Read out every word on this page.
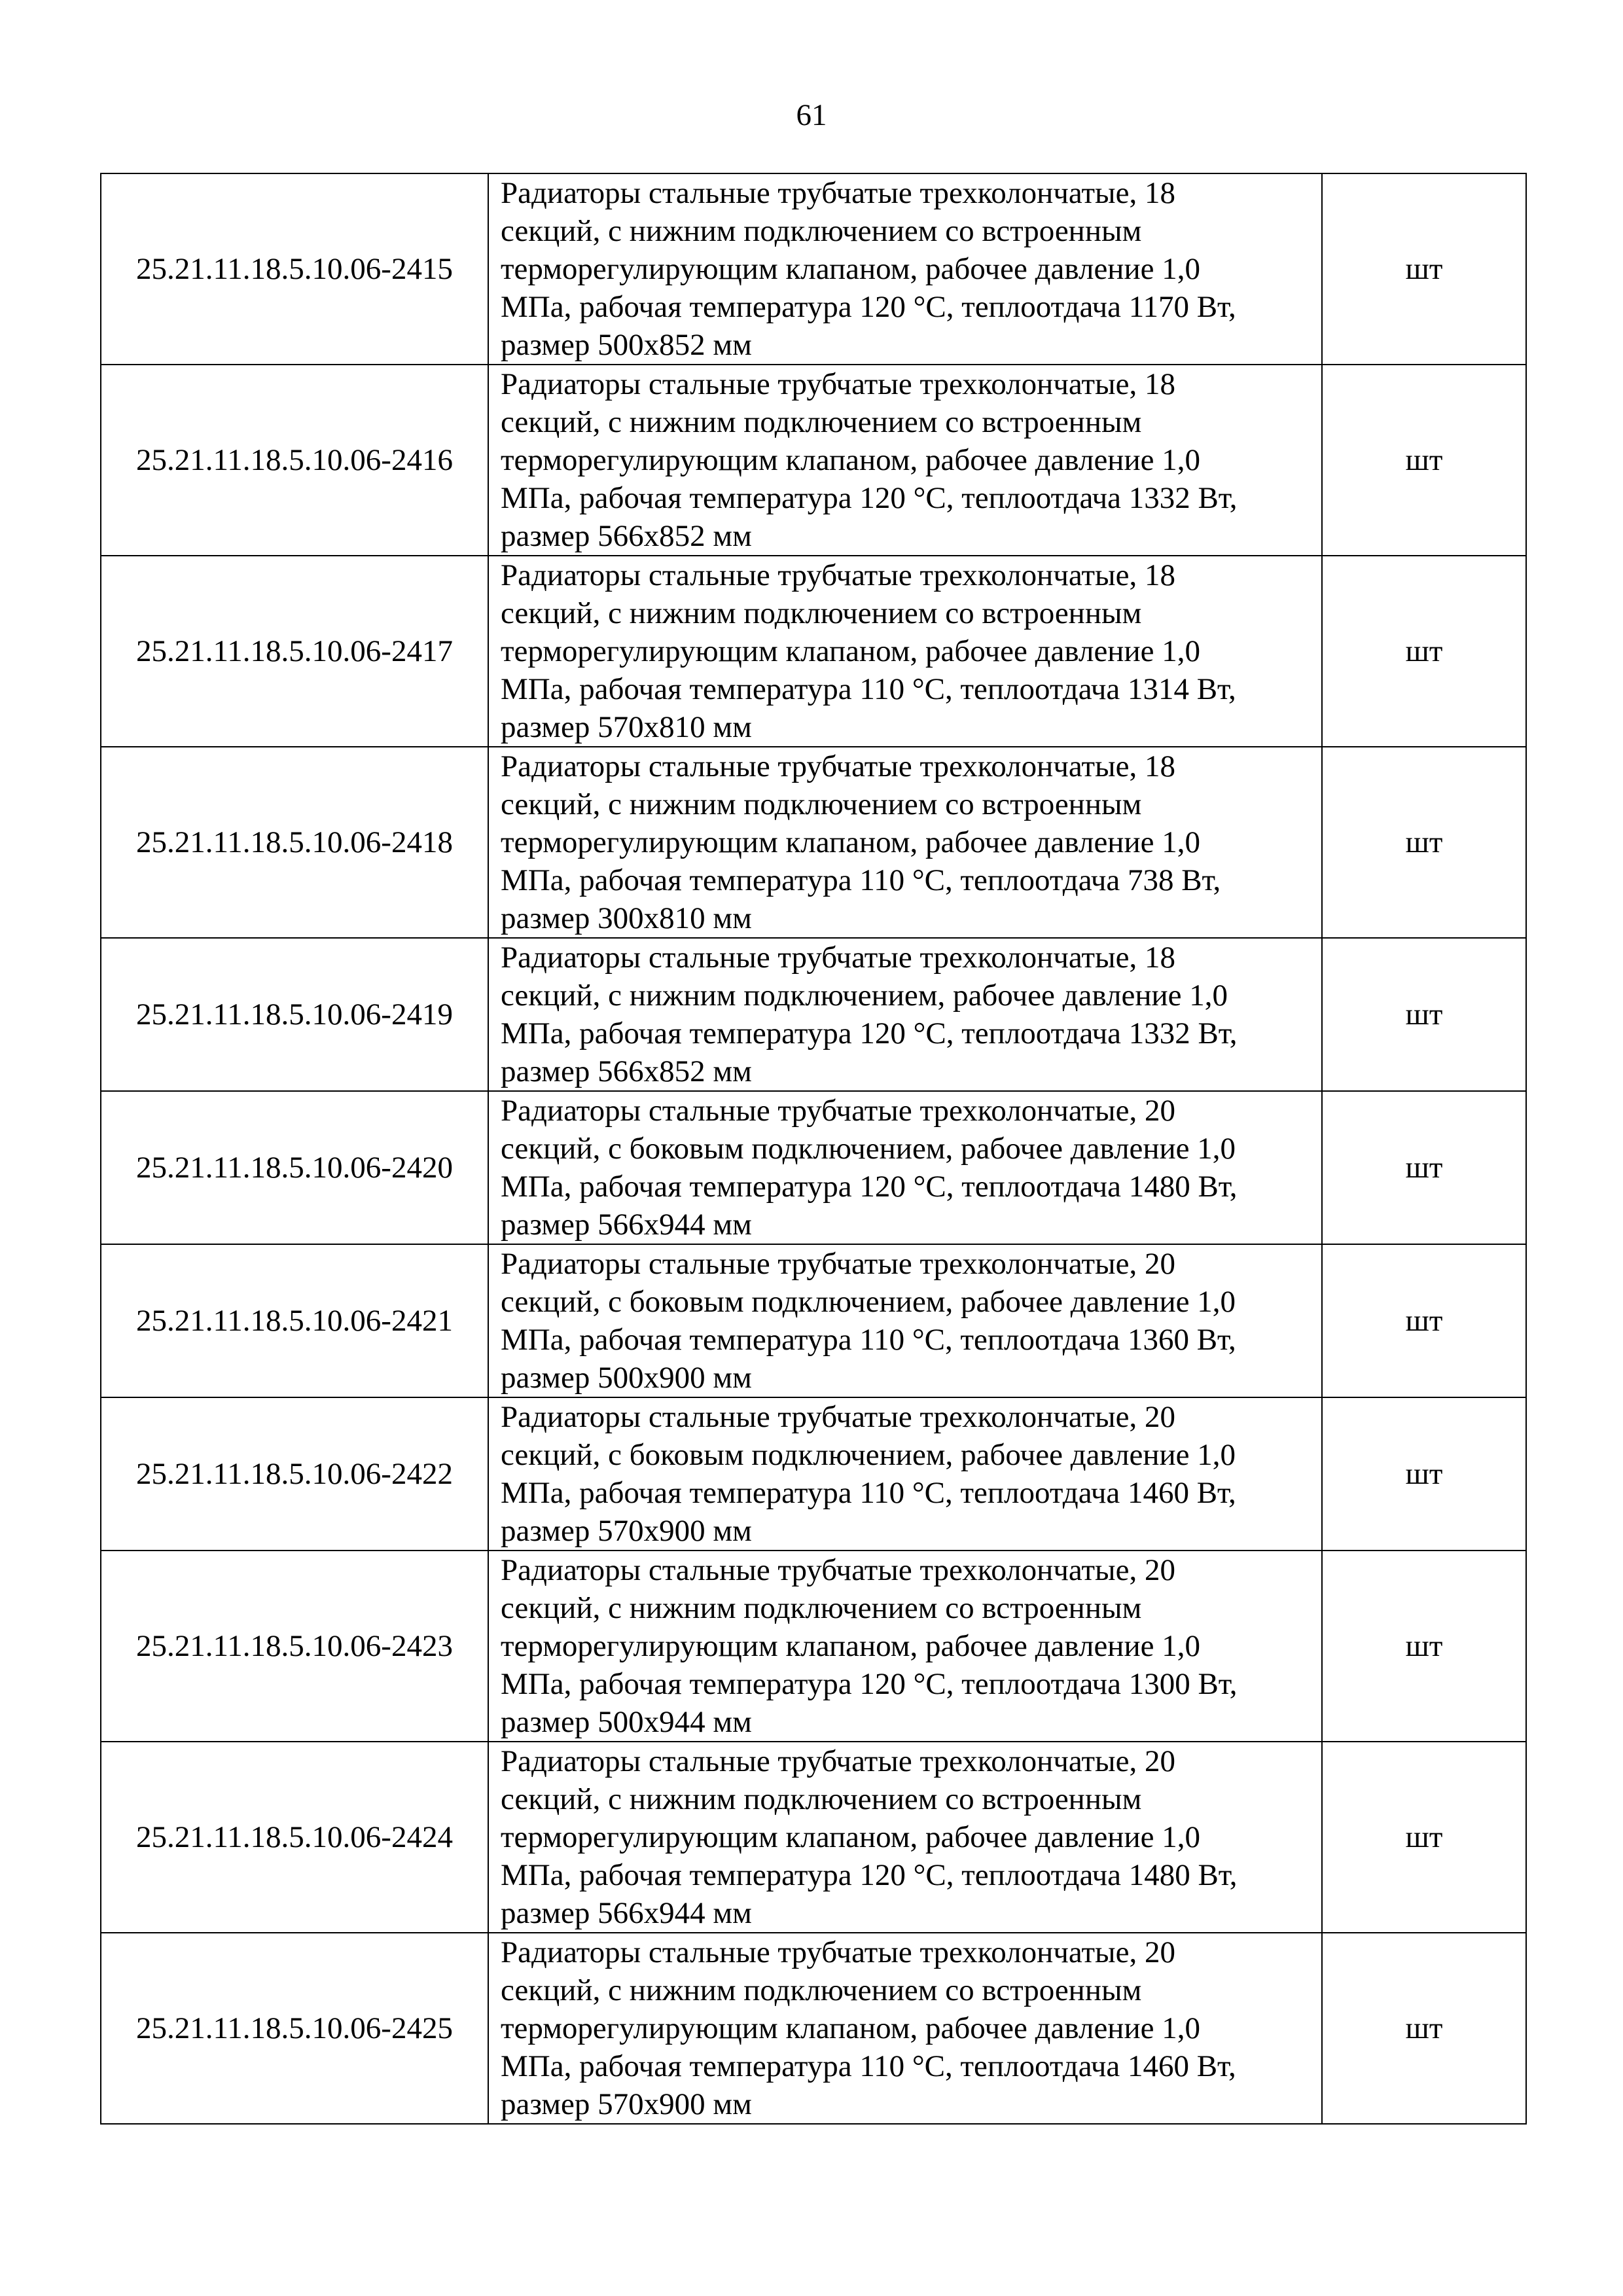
61
25.21.11.18.5.10.06-2415	Радиаторы стальные трубчатые трехколончатые, 18
секций, с нижним подключением со встроенным
терморегулирующим клапаном, рабочее давление 1,0
МПа, рабочая температура 120 °С, теплоотдача 1170 Вт,
размер 500x852 мм	шт
25.21.11.18.5.10.06-2416	Радиаторы стальные трубчатые трехколончатые, 18
секций, с нижним подключением со встроенным
терморегулирующим клапаном, рабочее давление 1,0
МПа, рабочая температура 120 °С, теплоотдача 1332 Вт,
размер 566x852 мм	шт
25.21.11.18.5.10.06-2417	Радиаторы стальные трубчатые трехколончатые, 18
секций, с нижним подключением со встроенным
терморегулирующим клапаном, рабочее давление 1,0
МПа, рабочая температура 110 °С, теплоотдача 1314 Вт,
размер 570x810 мм	шт
25.21.11.18.5.10.06-2418	Радиаторы стальные трубчатые трехколончатые, 18
секций, с нижним подключением со встроенным
терморегулирующим клапаном, рабочее давление 1,0
МПа, рабочая температура 110 °С, теплоотдача 738 Вт,
размер 300x810 мм	шт
25.21.11.18.5.10.06-2419	Радиаторы стальные трубчатые трехколончатые, 18
секций, с нижним подключением, рабочее давление 1,0
МПа, рабочая температура 120 °С, теплоотдача 1332 Вт,
размер 566x852 мм	шт
25.21.11.18.5.10.06-2420	Радиаторы стальные трубчатые трехколончатые, 20
секций, с боковым подключением, рабочее давление 1,0
МПа, рабочая температура 120 °С, теплоотдача 1480 Вт,
размер 566x944 мм	шт
25.21.11.18.5.10.06-2421	Радиаторы стальные трубчатые трехколончатые, 20
секций, с боковым подключением, рабочее давление 1,0
МПа, рабочая температура 110 °С, теплоотдача 1360 Вт,
размер 500x900 мм	шт
25.21.11.18.5.10.06-2422	Радиаторы стальные трубчатые трехколончатые, 20
секций, с боковым подключением, рабочее давление 1,0
МПа, рабочая температура 110 °С, теплоотдача 1460 Вт,
размер 570x900 мм	шт
25.21.11.18.5.10.06-2423	Радиаторы стальные трубчатые трехколончатые, 20
секций, с нижним подключением со встроенным
терморегулирующим клапаном, рабочее давление 1,0
МПа, рабочая температура 120 °С, теплоотдача 1300 Вт,
размер 500x944 мм	шт
25.21.11.18.5.10.06-2424	Радиаторы стальные трубчатые трехколончатые, 20
секций, с нижним подключением со встроенным
терморегулирующим клапаном, рабочее давление 1,0
МПа, рабочая температура 120 °С, теплоотдача 1480 Вт,
размер 566x944 мм	шт
25.21.11.18.5.10.06-2425	Радиаторы стальные трубчатые трехколончатые, 20
секций, с нижним подключением со встроенным
терморегулирующим клапаном, рабочее давление 1,0
МПа, рабочая температура 110 °С, теплоотдача 1460 Вт,
размер 570x900 мм	шт
